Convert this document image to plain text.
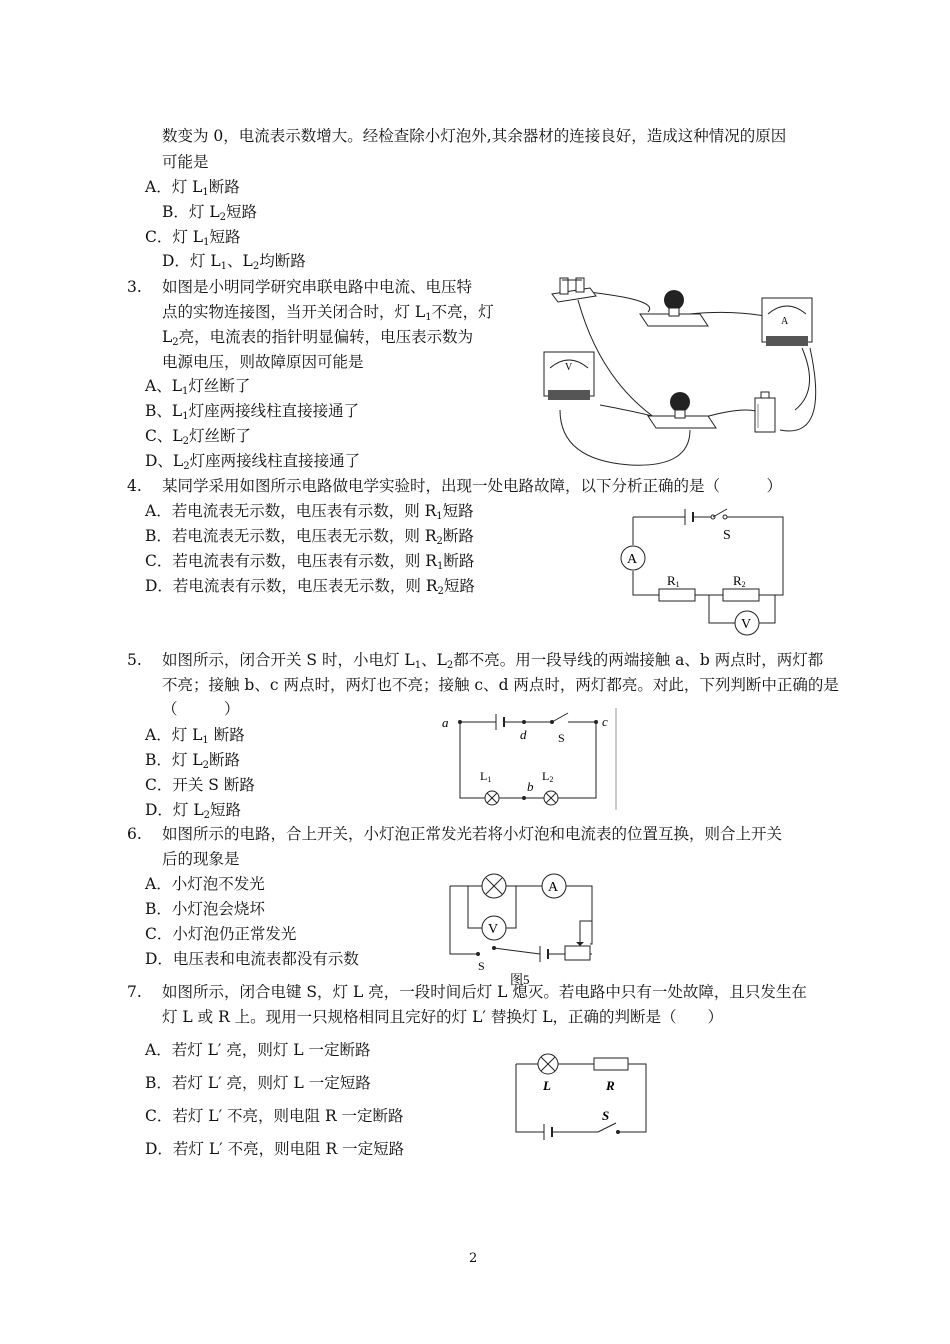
数变为 0，电流表示数增大。经检查除小灯泡外,其余器材的连接良好，造成这种情况的原因
可能是
A．灯 $L_1$断路
B．灯 $L_2$短路
C．灯 $L_1$短路
D．灯 $L_1$、$L_2$均断路
3. 如图是小明同学研究串联电路中电流、电压特
点的实物连接图，当开关闭合时，灯 $L_1$不亮，灯
$L_2$亮，电流表的指针明显偏转，电压表示数为
电源电压，则故障原因可能是
A、$L_1$灯丝断了
B、$L_1$灯座两接线柱直接接通了
C、$L_2$灯丝断了
D、$L_2$灯座两接线柱直接接通了
A
V
4. 某同学采用如图所示电路做电学实验时，出现一处电路故障，以下分析正确的是（　　　）
A．若电流表无示数，电压表有示数，则 $R_1$短路
B．若电流表无示数，电压表无示数，则 $R_2$断路
C．若电流表有示数，电压表有示数，则 $R_1$断路
D．若电流表有示数，电压表无示数，则 $R_2$短路
A
R1	R2
V
S
5. 如图所示，闭合开关 S 时，小电灯 $L_1$、$L_2$都不亮。用一段导线的两端接触 a、b 两点时，两灯都
不亮；接触 b、c 两点时，两灯也不亮；接触 c、d 两点时，两灯都亮。对此，下列判断中正确的是
（　　　）
A．灯 $L_1$ 断路
B．灯 $L_2$断路
C．开关 S 断路
D．灯 $L_2$短路
a
d
c
b
S
L1	L2
6. 如图所示的电路，合上开关，小灯泡正常发光若将小灯泡和电流表的位置互换，则合上开关
后的现象是
A．小灯泡不发光
B．小灯泡会烧坏
C．小灯泡仍正常发光
D．电压表和电流表都没有示数
A
V
S
图5
7. 如图所示，闭合电键 S，灯 L 亮，一段时间后灯 L 熄灭。若电路中只有一处故障，且只发生在
灯 L 或 R 上。现用一只规格相同且完好的灯 L′ 替换灯 L，正确的判断是（　　）
A．若灯 L′ 亮，则灯 L 一定断路
B．若灯 L′ 亮，则灯 L 一定短路
C．若灯 L′ 不亮，则电阻 R 一定断路
D．若灯 L′ 不亮，则电阻 R 一定短路
L	R
S
2
